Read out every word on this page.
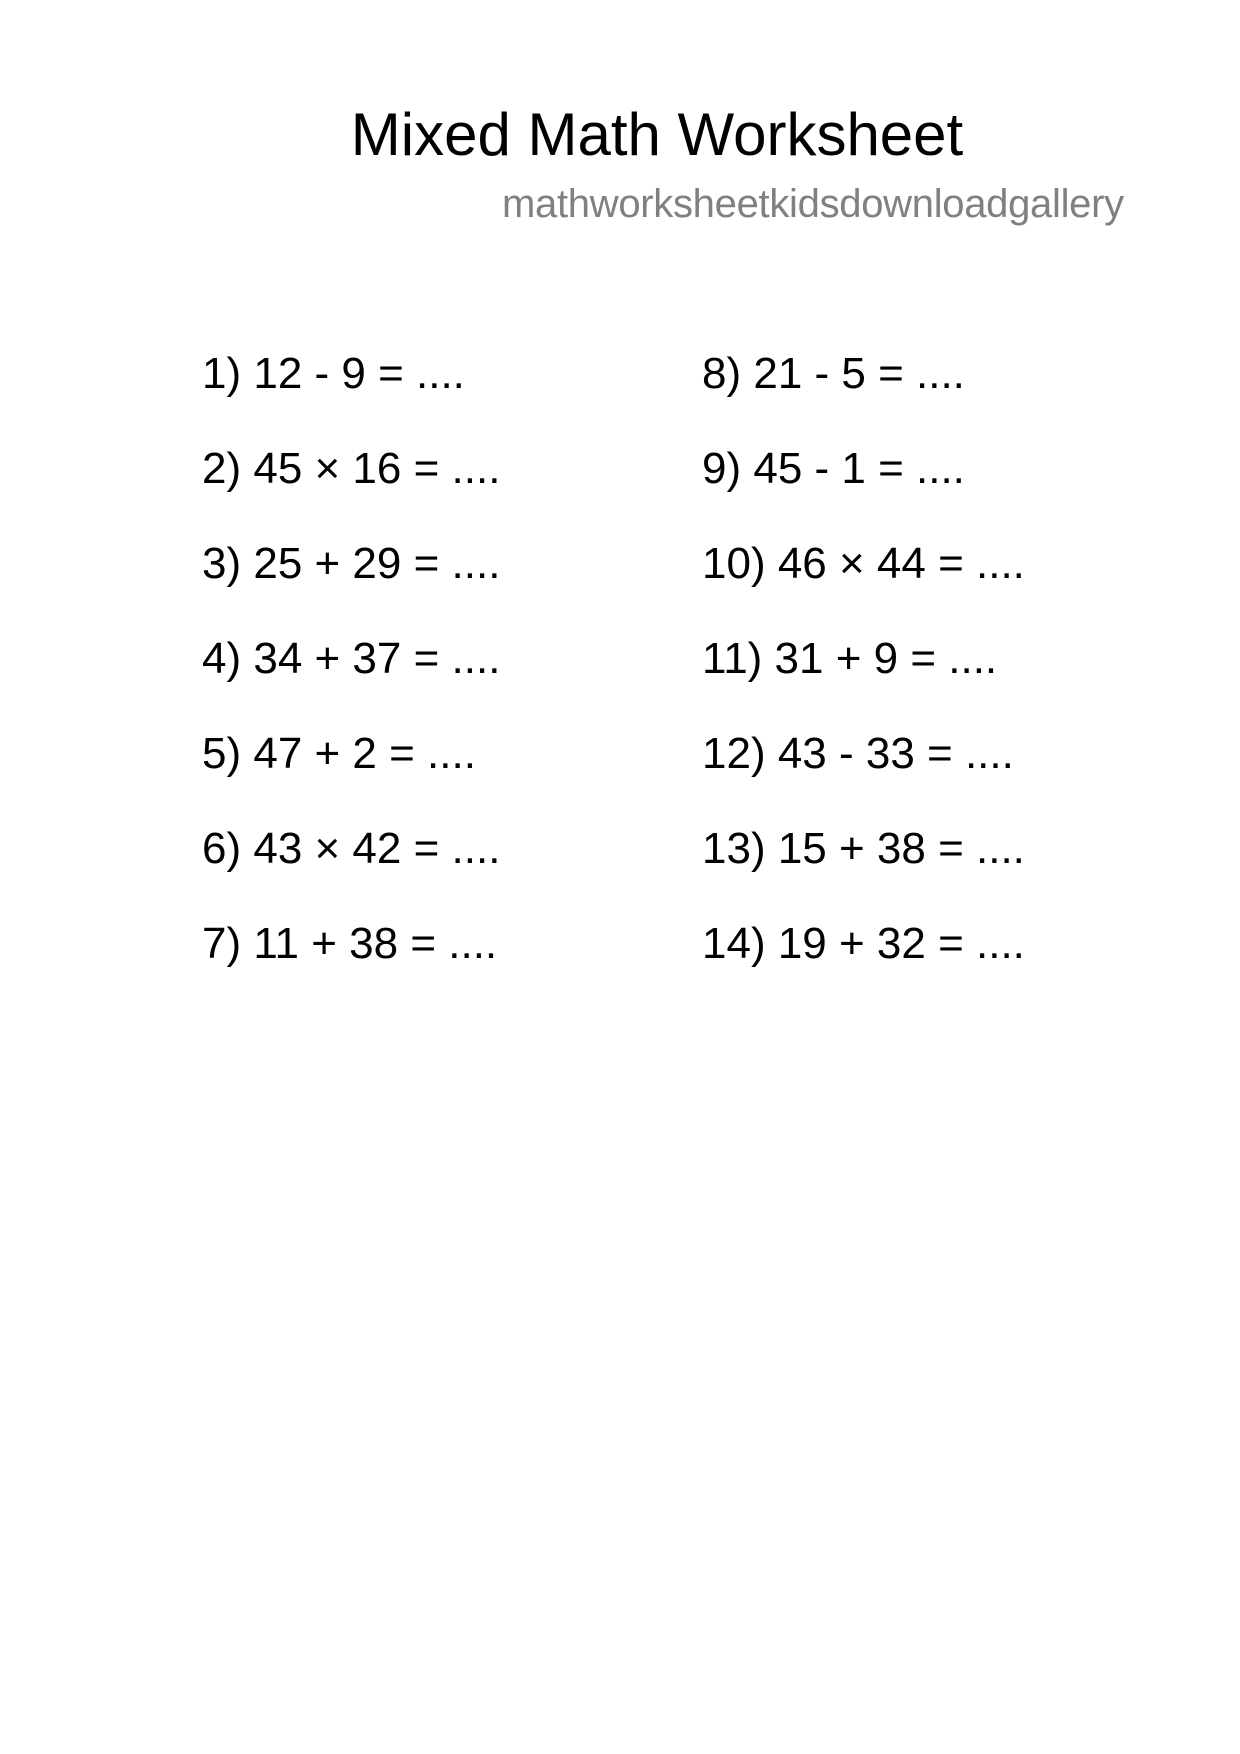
Mixed Math Worksheet
mathworksheetkidsdownloadgallery
1) 12 - 9 = ....
2) 45 × 16 = ....
3) 25 + 29 = ....
4) 34 + 37 = ....
5) 47 + 2 = ....
6) 43 × 42 = ....
7) 11 + 38 = ....
8) 21 - 5 = ....
9) 45 - 1 = ....
10) 46 × 44 = ....
11) 31 + 9 = ....
12) 43 - 33 = ....
13) 15 + 38 = ....
14) 19 + 32 = ....
